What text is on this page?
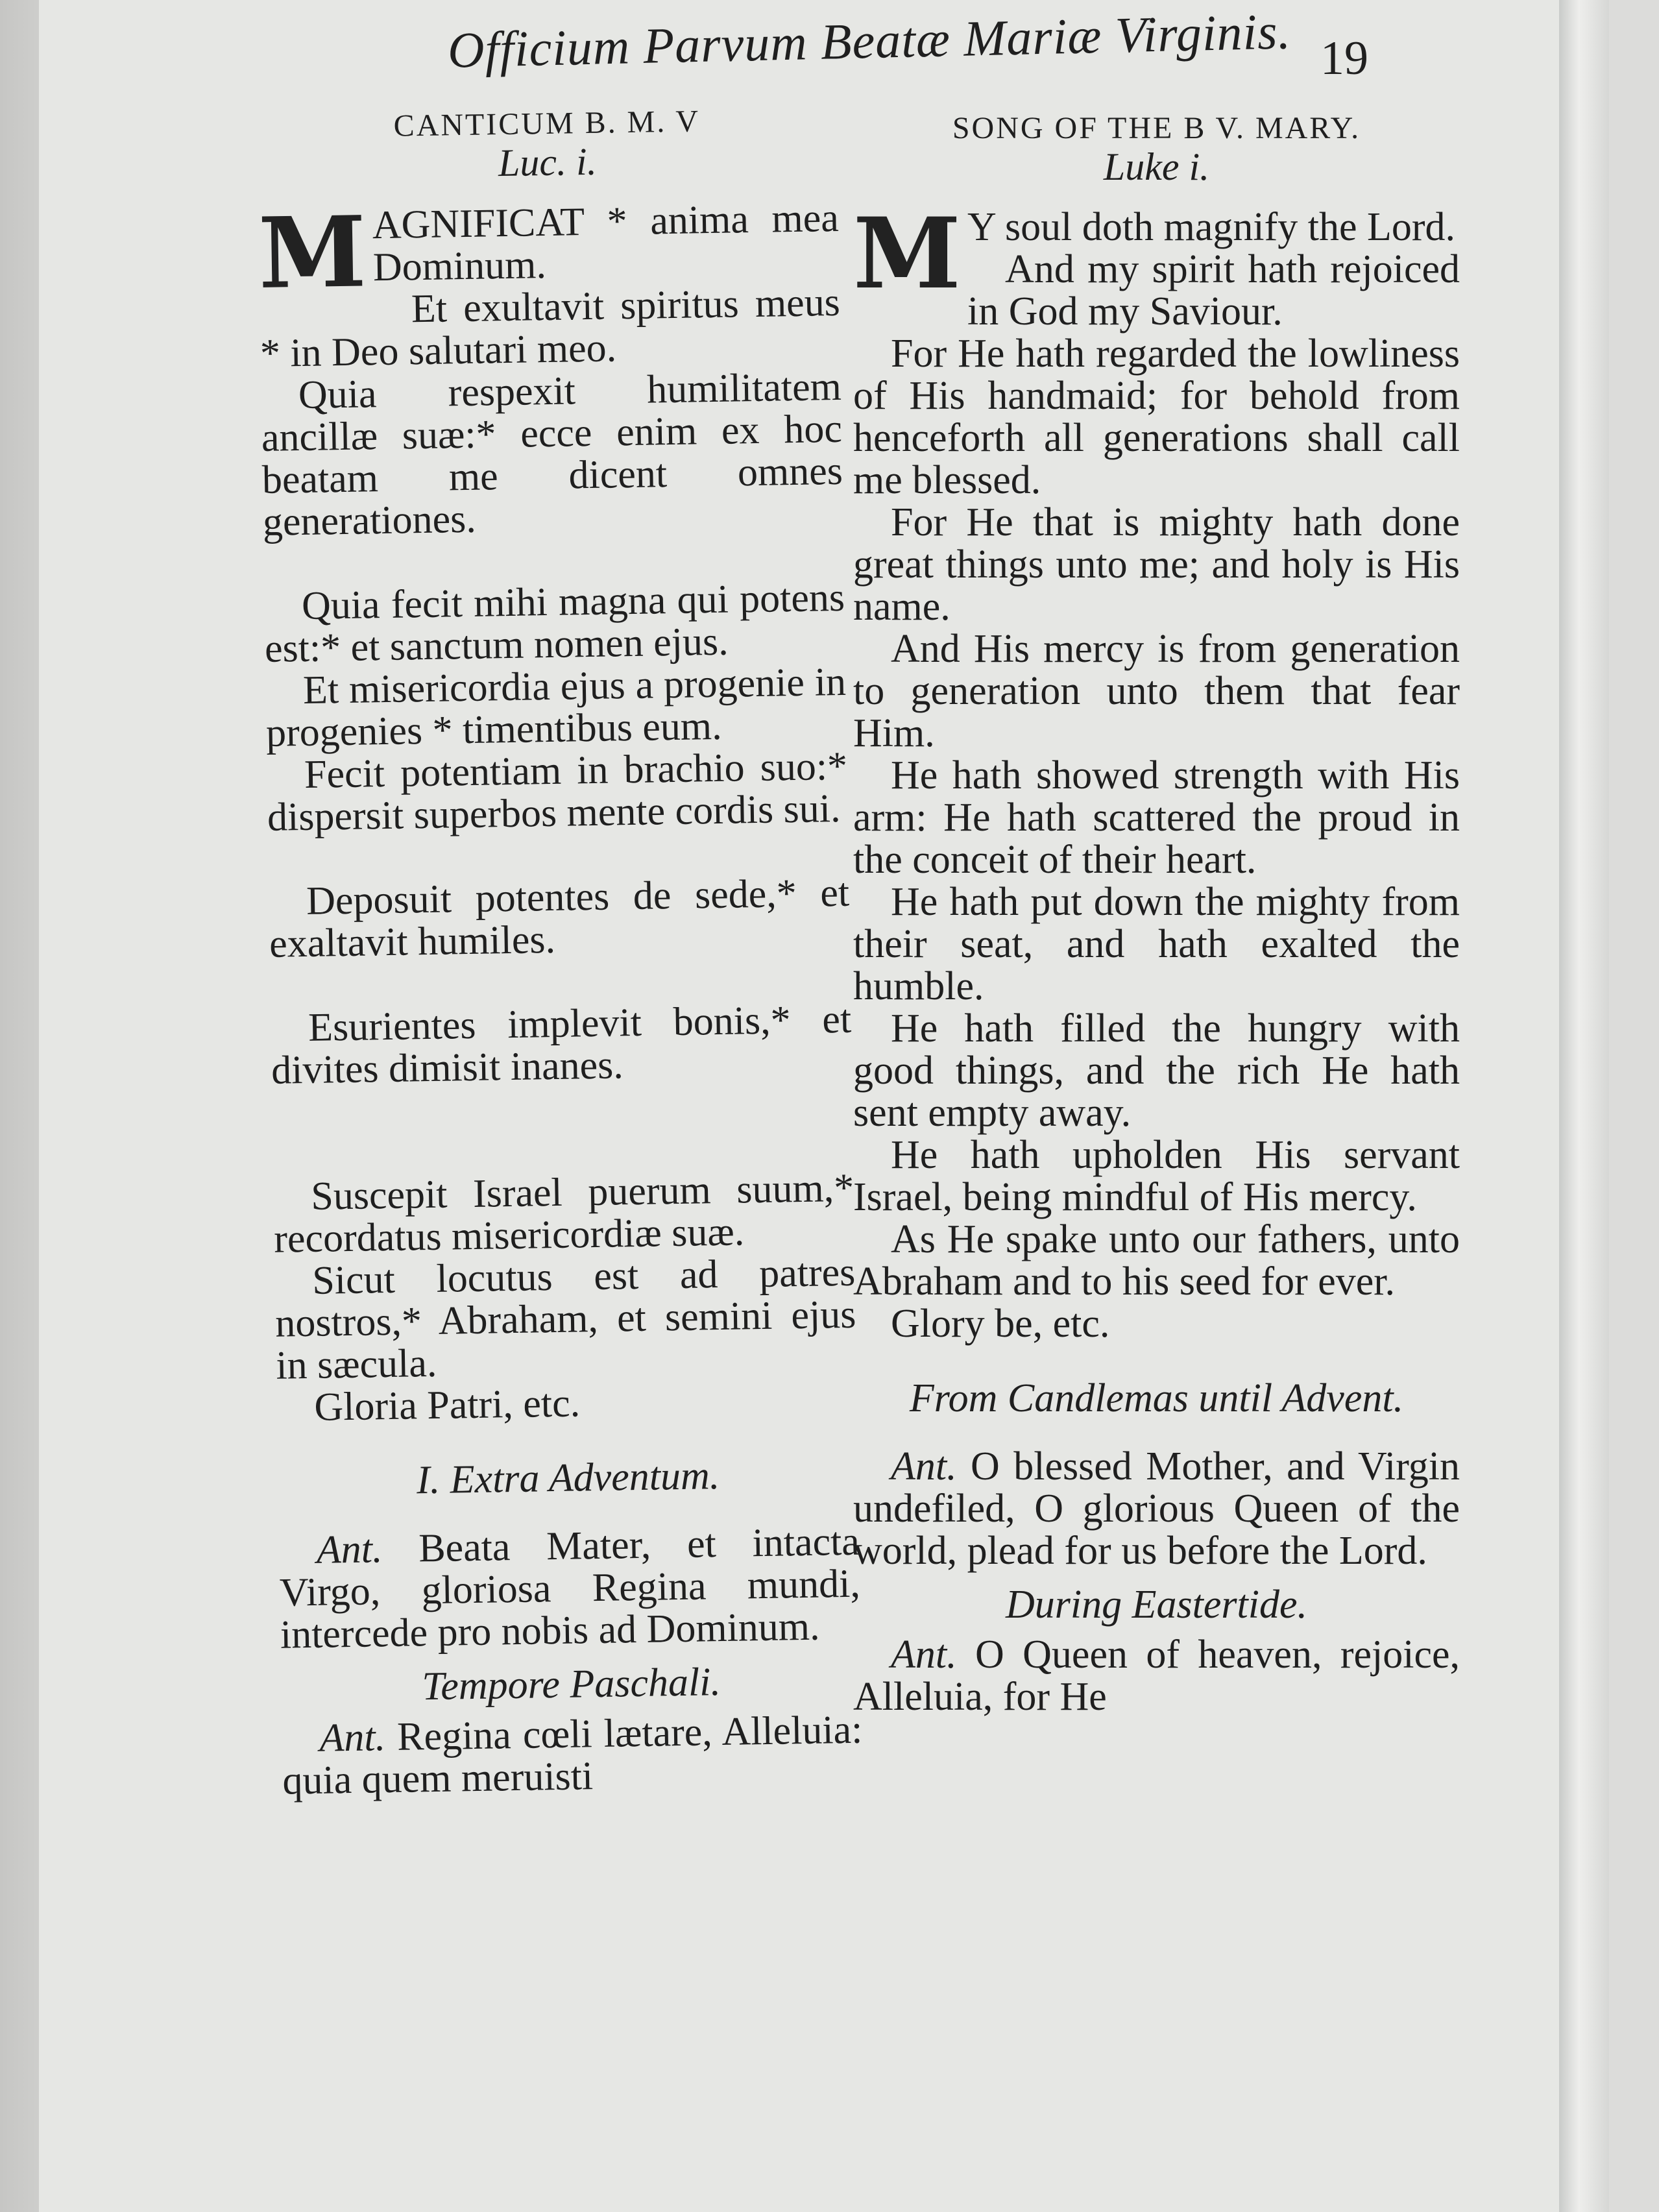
Officium Parvum Beatæ Mariæ Virginis. 19
CANTICUM B. M. V
Luc. i.

MAGNIFICAT * anima mea Dominum.

Et exultavit spiritus meus * in Deo salutari meo.

Quia respexit humilitatem ancillæ suæ:* ecce enim ex hoc beatam me dicent omnes generationes.

Quia fecit mihi magna qui potens est:* et sanctum nomen ejus.

Et misericordia ejus a progenie in progenies * timentibus eum.

Fecit potentiam in brachio suo:* dispersit superbos mente cordis sui.

Deposuit potentes de sede,* et exaltavit humiles.

Esurientes implevit bonis,* et divites dimisit inanes.

Suscepit Israel puerum suum,* recordatus misericordiæ suæ.

Sicut locutus est ad patres nostros,* Abraham, et semini ejus in sæcula.

Gloria Patri, etc.

I. Extra Adventum.

Ant. Beata Mater, et intacta Virgo, gloriosa Regina mundi, intercede pro nobis ad Dominum.

Tempore Paschali.

Ant. Regina cœli lætare, Alleluia: quia quem meruisti

SONG OF THE B V. MARY.
Luke i.

M Y soul doth magnify the Lord.

And my spirit hath rejoiced in God my Saviour.

For He hath regarded the lowliness of His handmaid; for behold from henceforth all generations shall call me blessed.

For He that is mighty hath done great things unto me; and holy is His name.

And His mercy is from generation to generation unto them that fear Him.

He hath showed strength with His arm: He hath scattered the proud in the conceit of their heart.

He hath put down the mighty from their seat, and hath exalted the humble.

He hath filled the hungry with good things, and the rich He hath sent empty away.

He hath upholden His servant Israel, being mindful of His mercy.

As He spake unto our fathers, unto Abraham and to his seed for ever.

Glory be, etc.

From Candlemas until Advent.

Ant. O blessed Mother, and Virgin undefiled, O glorious Queen of the world, plead for us before the Lord.

During Eastertide.

Ant. O Queen of heaven, rejoice, Alleluia, for He
